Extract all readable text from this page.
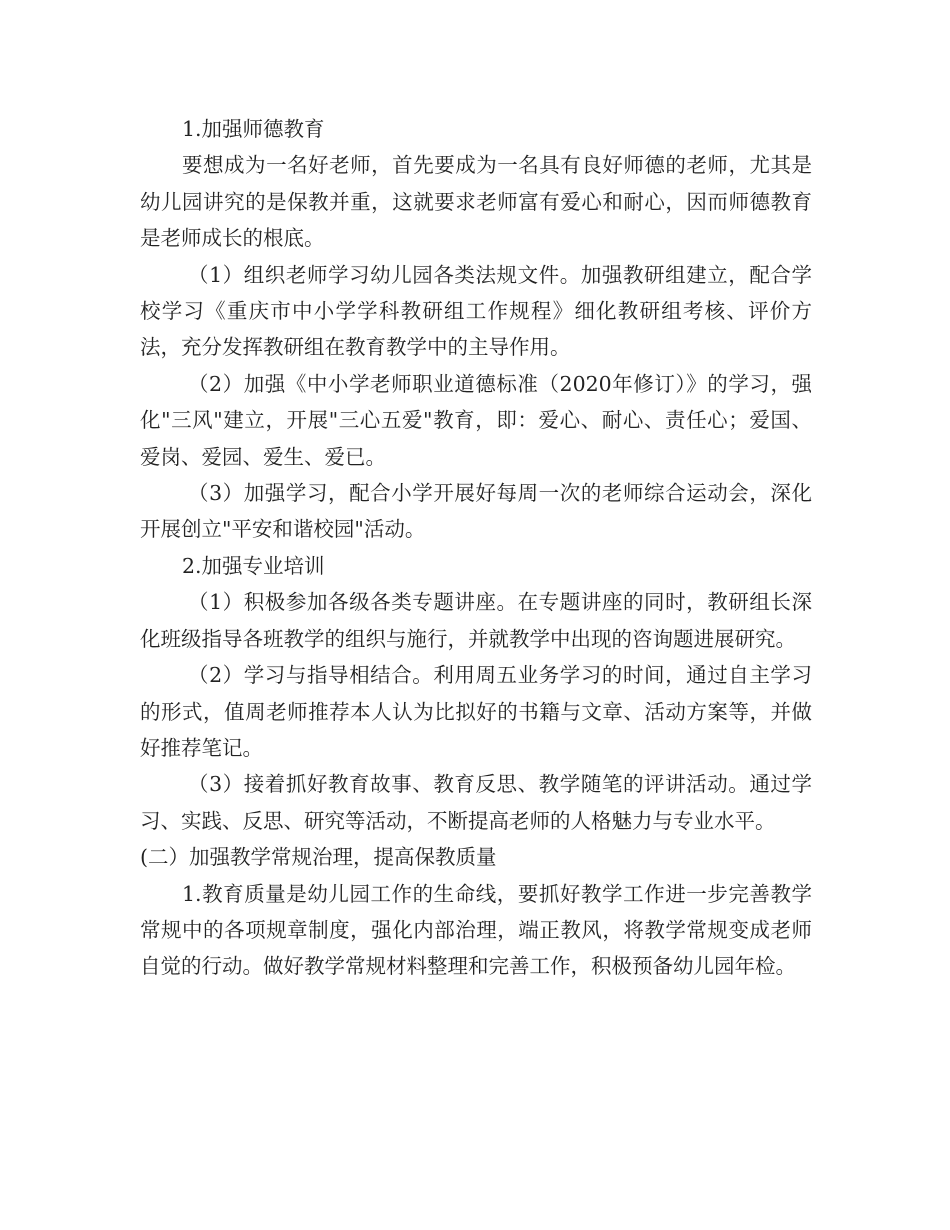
1.加强师德教育

要想成为一名好老师，首先要成为一名具有良好师德的老师，尤其是幼儿园讲究的是保教并重，这就要求老师富有爱心和耐心，因而师德教育是老师成长的根底。

（1）组织老师学习幼儿园各类法规文件。加强教研组建立，配合学校学习《重庆市中小学学科教研组工作规程》细化教研组考核、评价方法，充分发挥教研组在教育教学中的主导作用。

（2）加强《中小学老师职业道德标准（2020年修订）》的学习，强化"三风"建立，开展"三心五爱"教育，即：爱心、耐心、责任心；爱国、爱岗、爱园、爱生、爱已。

（3）加强学习，配合小学开展好每周一次的老师综合运动会，深化开展创立"平安和谐校园"活动。

2.加强专业培训

（1）积极参加各级各类专题讲座。在专题讲座的同时，教研组长深化班级指导各班教学的组织与施行，并就教学中出现的咨询题进展研究。

（2）学习与指导相结合。利用周五业务学习的时间，通过自主学习的形式，值周老师推荐本人认为比拟好的书籍与文章、活动方案等，并做好推荐笔记。

（3）接着抓好教育故事、教育反思、教学随笔的评讲活动。通过学习、实践、反思、研究等活动，不断提高老师的人格魅力与专业水平。

(二）加强教学常规治理，提高保教质量

1.教育质量是幼儿园工作的生命线，要抓好教学工作进一步完善教学常规中的各项规章制度，强化内部治理，端正教风，将教学常规变成老师自觉的行动。做好教学常规材料整理和完善工作，积极预备幼儿园年检。
